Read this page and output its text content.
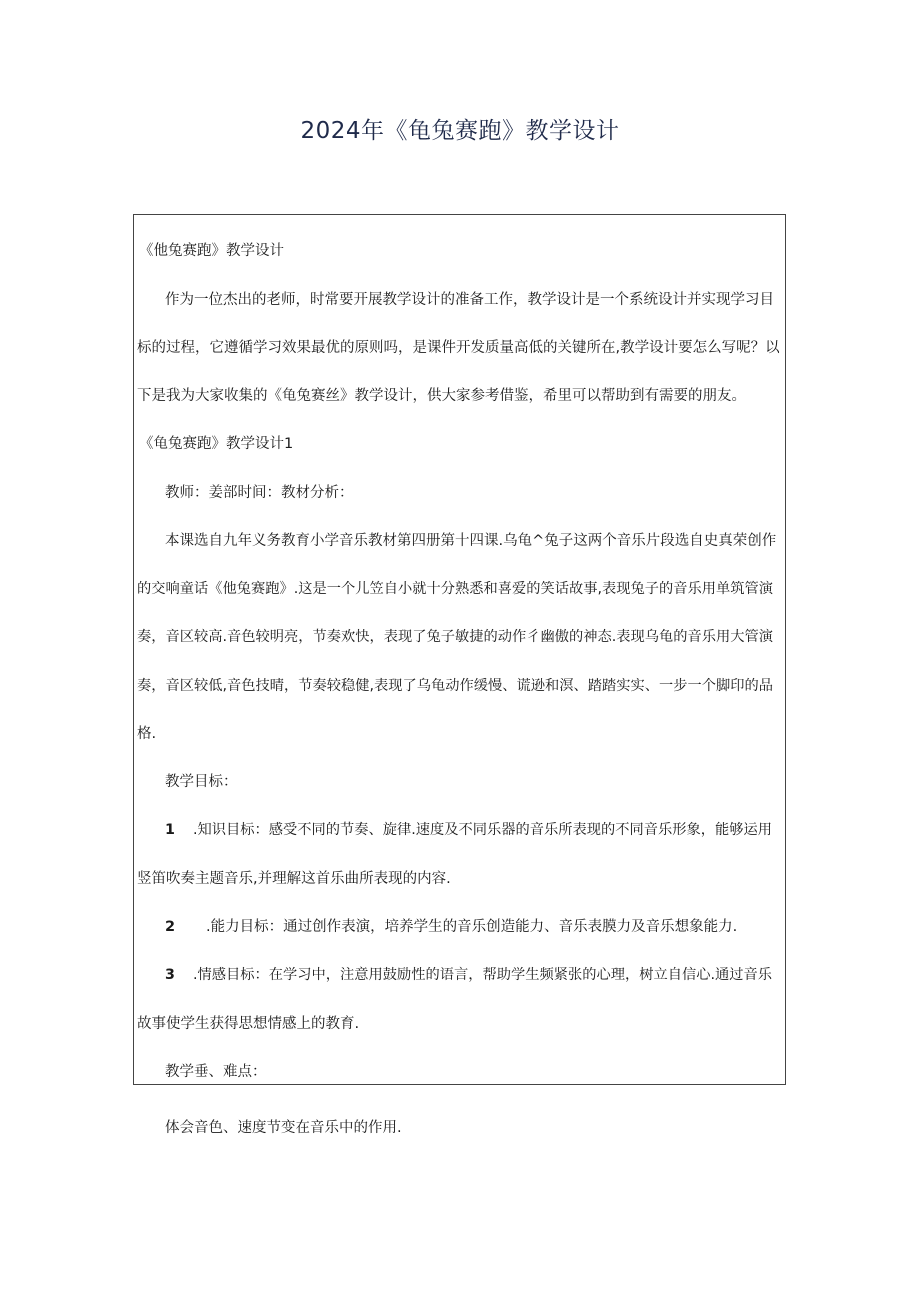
2024年《龟兔赛跑》教学设计
《他兔赛跑》教学设计
作为一位杰出的老师，时常要开展教学设计的准备工作，教学设计是一个系统设计并实现学习目
标的过程，它遵循学习效果最优的原则吗，是课件开发质量高低的关键所在,教学设计要怎么写呢？以
下是我为大家收集的《龟兔赛丝》教学设计，供大家参考借鉴，希里可以帮助到有需要的朋友。
《龟兔赛跑》教学设计1
教师：姜部时间：教材分析：
本课选自九年义务教育小学音乐教材第四册第十四课.乌龟^兔子这两个音乐片段选自史真荣创作
的交响童话《他兔赛跑》.这是一个儿笠自小就十分熟悉和喜爱的笑话故事,表现兔子的音乐用单筑管演
奏，音区较高.音色较明亮，节奏欢快，表现了兔子敏捷的动作彳幽傲的神态.表现乌龟的音乐用大管演
奏，音区较低,音色技晴，节奏较稳健,表现了乌龟动作缓慢、谎逊和溟、踏踏实实、一步一个脚印的品
格.
教学目标：
1 .知识目标：感受不同的节奏、旋律.速度及不同乐器的音乐所表现的不同音乐形象，能够运用
竖笛吹奏主题音乐,并理解这首乐曲所表现的内容.
2 .能力目标：通过创作表演，培养学生的音乐创造能力、音乐表膜力及音乐想象能力.
3 .情感目标：在学习中，注意用鼓励性的语言，帮助学生频紧张的心理，树立自信心.通过音乐
故事使学生获得思想情感上的教育.
教学垂、难点：
体会音色、速度节变在音乐中的作用.
